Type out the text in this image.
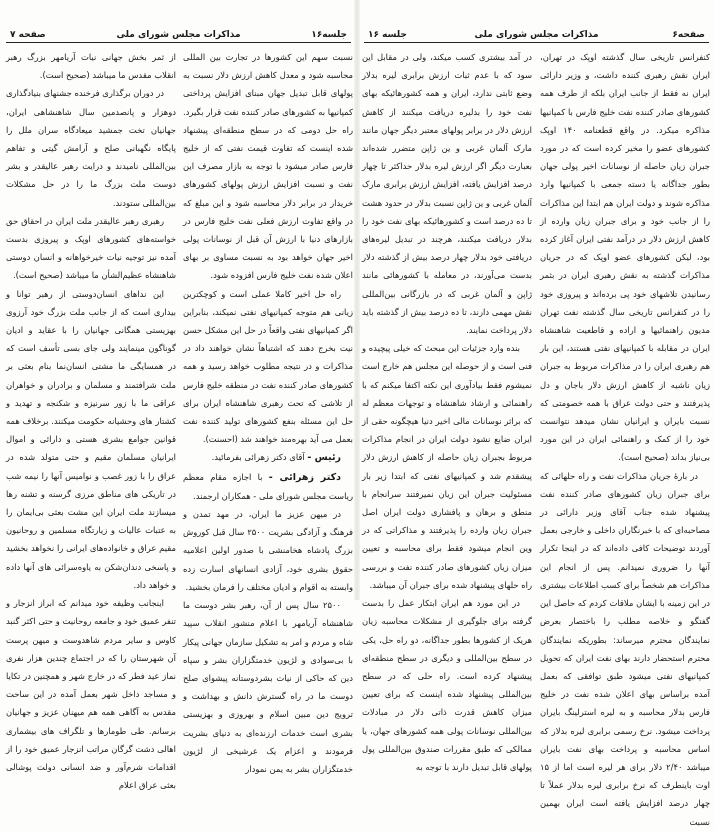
جلسه۱۶
مذاکرات مجلس شورای ملی
صفحه ۷

نسبت سهم این کشورها در تجارت بین المللی محاسبه شود و معدل کاهش ارزش دلار نسبت به پولهای قابل تبدیل جهان مبنای افزایش پرداختی کمپانیها به کشورهای صادر کننده نفت قرار بگیرد. راه حل دومی که در سطح منطقه‌ای پیشنهاد شده اینست که تفاوت قیمت نفتی که از خلیج فارس صادر میشود با توجه به بازار مصرف این نفت و نسبت افزایش ارزش پولهای کشورهای خریدار در برابر دلار محاسبه شود و این مبلغ که در واقع تفاوت ارزش فعلی نفت خلیج فارس در بازارهای دنیا با ارزش آن قبل از نوسانات پولی اخیر جهان خواهد بود به نسبت مساوی بر بهای اعلان شده نفت خلیج فارس افزوده شود.

راه حل اخیر کاملا عملی است و کوچکترین زیانی هم متوجه کمپانیهای نفتی نمیکند، بنابراین اگر کمپانیهای نفتی واقعاً در حل این مشکل حسن نیت بخرج دهند که اشتباهاً نشان خواهند داد در مذاکرات و در نتیجه مطلوب خواهد رسید و همه کشورهای صادر کننده نفت در منطقه خلیج فارس از تلاشی که تحت رهبری شاهنشاه ایران برای حل این مسئله بنفع کشورهای تولید کننده نفت بعمل می آید بهره‌مند خواهند شد (احسنت).

رئیس - آقای دکتر زهرائی بفرمائید.

دکتر زهرائی - با اجازه مقام معظم ریاست مجلس شورای ملی - همکاران ارجمند.

در میهن عزیز ما ایران، در مهد تمدن و فرهنگ و آزادگی بشریت ۲۵۰۰ سال قبل کوروش بزرگ پادشاه هخامنشی با صدور اولین اعلامیه حقوق بشری خود، آزادی انسانهای اسارت زده وابسته به اقوام و ادیان مختلف را فرمان بخشید.

۲۵۰۰ سال پس از آن، رهبر بشر دوست ما شاهنشاه آریامهر با اعلام منشور انقلاب سپید شاه و مردم و امر به تشکیل سازمان جهانی پیکار با بی‌سوادی و لژیون خدمتگزاران بشر و سپاه دین که حاکی از نیات بشردوستانه پیشوای صلح دوست ما در راه گسترش دانش و بهداشت و ترویج دین مبین اسلام و بهروزی و بهزیستی بشری است خدمات ارزنده‌ای به دنیای بشریت فرمودند و اعزام یک عرشیخی از لژیون خدمتگزاران بشر به یمن نمودار

از ثمر بخش جهانی نیات آریامهر بزرگ رهبر انقلاب مقدس ما میباشد (صحیح است).

در دوران برگذاری فرخنده جشنهای بنیادگذاری دوهزار و پانصدمین سال شاهنشاهی ایران، جهانیان تخت جمشید میعادگاه سران ملل را پایگاه نگهبانی صلح و آرامش گیتی و تفاهم بین‌المللی نامیدند و درایت رهبر عالیقدر و بشر دوست ملت بزرگ ما را در حل مشکلات بین‌المللی ستودند.

رهبری رهبر عالیقدر ملت ایران در احقاق حق خواسته‌های کشورهای اوپک و پیروزی بدست آمده نیز توجیه نیات خیرخواهانه و انسان دوستی شاهنشاه عظیم‌الشأن ما میباشد (صحیح است).

این نداهای انسان‌دوستی از رهبر توانا و بیداری است که از جانب ملت بزرگ خود آرزوی بهزیستی همگانی جهانیان را با عقاید و ادیان گوناگون مینمایند ولی جای بسی تأسف است که در همسایگی ما مشتی انسان‌نما بنام بعثی بر ملت شرافتمند و مسلمان و برادران و خواهران عراقی ما با زور سرنیزه و شکنجه و تهدید و کشتار های وحشیانه حکومت میکنند. برخلاف همه قوانین جوامع بشری هستی و دارائی و اموال ایرانیان مسلمان مقیم و حتی متولد شده در عراق را با زور غصب و نوامیس آنها را نیمه شب در تاریکی های مناطق مرزی گرسنه و تشنه رها میسازند ملت ایران این مشت بعثی بی‌ایمان را به عتبات عالیات و زیارتگاه مسلمین و روحانیون مقیم عراق و خانواده‌های ایرانی را نخواهد بخشید و پاسخی دندان‌شکن به یاوه‌سرائی های آنها داده و خواهد داد.

اینجانب وظیفه خود میدانم که ابراز انزجار و تنفر عمیق خود و جامعه روحانیت و حتی اکثر گنبد کاوس و سایر مردم شاهدوست و میهن پرست آن شهرستان را که در اجتماع چندین هزار نفری نماز عید فطر که در خارج شهر و همچنین در تکایا و مساجد داخل شهر بعمل آمده در این ساحت مقدس به آگاهی همه هم میهنان عزیز و جهانیان برسانم. طی طومارها و تلگراف های بیشماری اهالی دشت گرگان مراتب انزجار عمیق خود را از اقدامات شرم‌آور و ضد انسانی دولت پوشالی بعثی عراق اعلام

صفحه۶
مذاکرات مجلس شورای ملی
جلسه ۱۶

کنفرانس تاریخی سال گذشته اوپک در تهران، ایران نقش رهبری کننده داشت، و وزیر دارائی ایران نه فقط از جانب ایران بلکه از طرف همه کشورهای صادر کننده نفت خلیج فارس با کمپانیها مذاکره میکرد. در واقع قطعنامه ۱۴۰ اوپک کشورهای عضو را مخیر کرده است که در مورد جبران زیان حاصله از نوسانات اخیر پولی جهان بطور جداگانه یا دسته جمعی با کمپانیها وارد مذاکره شوند و دولت ایران هم ابتدا این مذاکرات را از جانب خود و برای جبران زیان وارده از کاهش ارزش دلار در درآمد نفتی ایران آغاز کرده بود، لیکن کشورهای عضو اوپک که در جریان مذاکرات گذشته به نقش رهبری ایران در بثمر رسانیدن تلاشهای خود پی برده‌اند و پیروزی خود را در کنفرانس تاریخی سال گذشته نفت تهران مدیون راهنمائیها و اراده و قاطعیت شاهنشاه ایران در مقابله با کمپانیهای نفتی هستند، این بار هم رهبری ایران را در مذاکرات مربوط به جبران زیان ناشیه از کاهش ارزش دلار باجان و دل پذیرفتند و حتی دولت عراق با همه خصومتی که نسبت بایران و ایرانیان نشان میدهد نتوانست خود را از کمک و راهنمائی ایران در این مورد بی‌نیاز بداند (صحیح است).

در بارهٔ جریان مذاکرات نفت و راه حلهائی که برای جبران زیان کشورهای صادر کننده نفت پیشنهاد شده جناب آقای وزیر دارائی در مصاحبه‌ای که با خبرنگاران داخلی و خارجی بعمل آوردند توضیحات کافی داده‌اند که در اینجا تکرار آنها را ضروری نمیدانم. پس از انجام این مذاکرات هم شخصاً برای کسب اطلاعات بیشتری در این زمینه با ایشان ملاقات کردم که حاصل این گفتگو و خلاصه مطلب را باختصار بعرض نمایندگان محترم میرساند: بطوریکه نمایندگان محترم استحضار دارند بهای نفت ایران که تحویل کمپانیهای نفتی میشود طبق توافقی که بعمل آمده براساس بهای اعلان شده نفت در خلیج فارس بدلار محاسبه و به لیره استرلینگ بایران پرداخت میشود. نرخ رسمی برابری لیره بدلار که اساس محاسبه و پرداخت بهای نفت بایران میباشد ۲/۴۰ دلار برای هر لیره است اما از ۱۵ اوت باینطرف که نرخ برابری لیره بدلار عملاً تا چهار درصد افزایش یافته است ایران بهمین نسبت

در آمد بیشتری کسب میکند، ولی در مقابل این سود که با عدم ثبات ارزش برابری لیره بدلار وضع ثابتی ندارد، ایران و همه کشورهائیکه بهای نفت خود را بدلیره دریافت میکنند از کاهش ارزش دلار در برابر پولهای معتبر دیگر جهان مانند مارک آلمان غربی و ین ژاپن متضرر شده‌اند بعبارت دیگر اگر ارزش لیره بدلار حداکثر تا چهار درصد افزایش یافته، افزایش ارزش برابری مارک آلمان غربی و ین ژاپن نسبت بدلار در حدود هشت تا ده درصد است و کشورهائیکه بهای نفت خود را بدلار دریافت میکنند، هرچند در تبدیل لیره‌های دریافتی خود بدلار چهار درصد بیش از گذشته دلار بدست می‌آورند، در معامله با کشورهائی مانند ژاپن و آلمان غربی که در بازرگانی بین‌المللی نقش مهمی دارند، تا ده درصد بیش از گذشته باید دلار پرداخت نمایند.

بنده وارد جزئیات این مبحث که خیلی پیچیده و فنی است و از حوصله این مجلس هم خارج است نمیشوم فقط بیادآوری این نکته اکتفا میکنم که با راهنمائی و ارشاد شاهنشاه و توجهات معظم له که براثر نوسانات مالی اخیر دنیا هیچگونه حقی از ایران ضایع نشود دولت ایران در انجام مذاکرات مربوط بجبران زیان حاصله از کاهش ارزش دلار پیشقدم شد و کمپانیهای نفتی که ابتدا زیر بار مسئولیت جبران این زیان نمیرفتند سرانجام با منطق و برهان و پافشاری دولت ایران اصل جبران زیان وارده را پذیرفتند و مذاکراتی که در وین انجام میشود فقط برای محاسبه و تعیین میزان زیان کشورهای صادر کننده نفت و بررسی راه حلهای پیشنهاد شده برای جبران آن میباشد.

در این مورد هم ایران ابتکار عمل را بدست گرفته برای جلوگیری از مشکلات محاسبه زیان هریک از کشورها بطور جداگانه، دو راه حل، یکی در سطح بین‌المللی و دیگری در سطح منطقه‌ای پیشنهاد کرده است. راه حلی که در سطح بین‌المللی پیشنهاد شده اینست که برای تعیین میزان کاهش قدرت ذاتی دلار در مبادلات بین‌المللی نوسانات پولی همه کشورهای جهان، یا ممالکی که طبق مقررات صندوق بین‌المللی پول پولهای قابل تبدیل دارند با توجه به
